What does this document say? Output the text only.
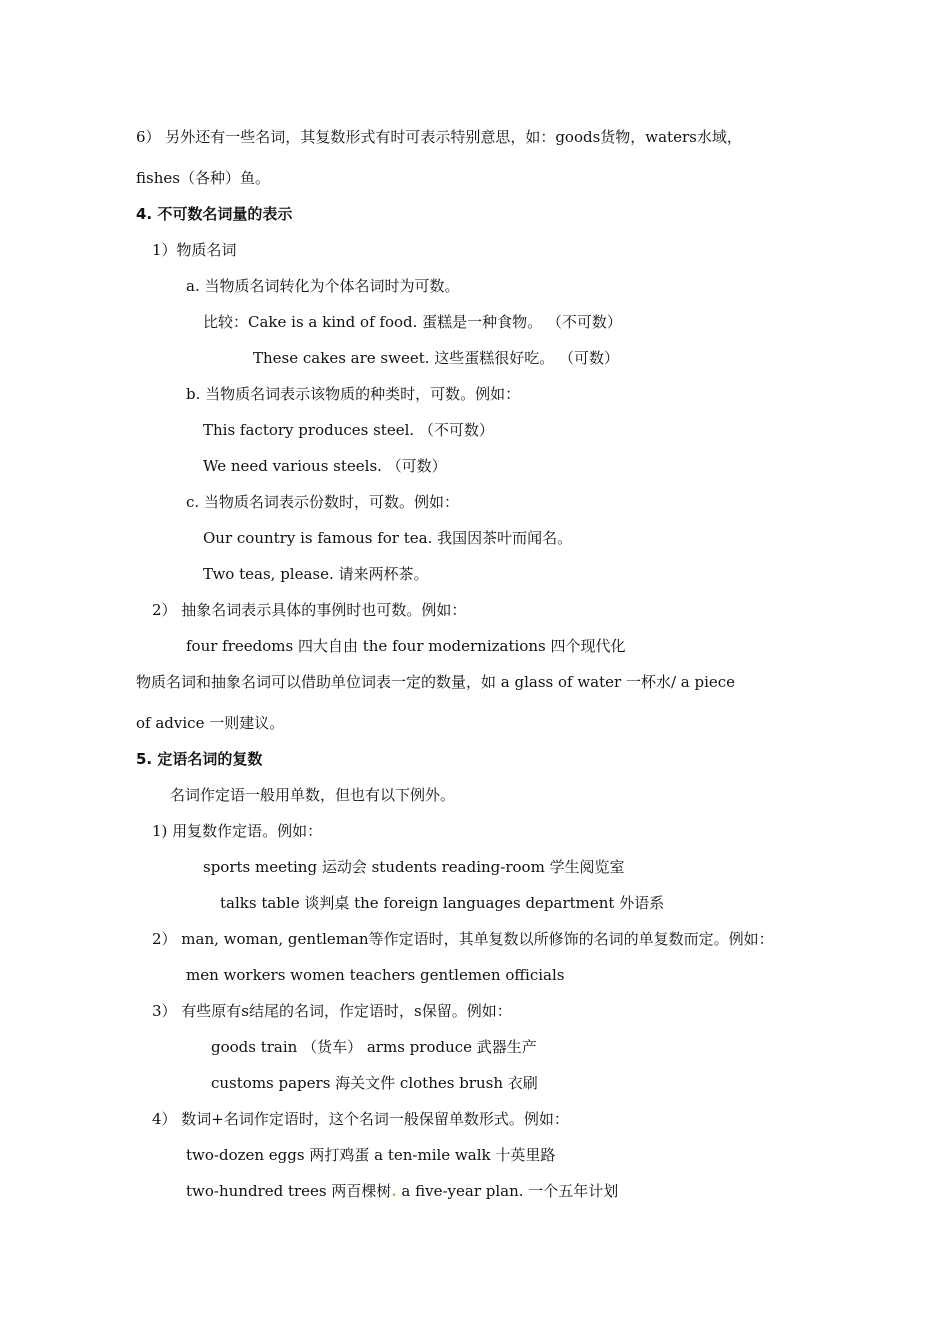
6） 另外还有一些名词，其复数形式有时可表示特别意思，如：goods货物，waters水域，
fishes（各种）鱼。
4. 不可数名词量的表示
1）物质名词
a. 当物质名词转化为个体名词时为可数。
比较：Cake is a kind of food. 蛋糕是一种食物。 （不可数）
These cakes are sweet. 这些蛋糕很好吃。 （可数）
b. 当物质名词表示该物质的种类时，可数。例如：
This factory produces steel. （不可数）
We need various steels. （可数）
c. 当物质名词表示份数时，可数。例如：
Our country is famous for tea. 我国因茶叶而闻名。
Two teas, please. 请来两杯茶。
2） 抽象名词表示具体的事例时也可数。例如：
four freedoms 四大自由 the four modernizations 四个现代化
物质名词和抽象名词可以借助单位词表一定的数量，如 a glass of water 一杯水/ a piece
of advice 一则建议。
5. 定语名词的复数
名词作定语一般用单数，但也有以下例外。
1) 用复数作定语。例如：
sports meeting 运动会 students reading-room 学生阅览室
talks table 谈判桌 the foreign languages department 外语系
2） man, woman, gentleman等作定语时，其单复数以所修饰的名词的单复数而定。例如：
men workers women teachers gentlemen officials
3） 有些原有s结尾的名词，作定语时，s保留。例如：
goods train （货车） arms produce 武器生产
customs papers 海关文件 clothes brush 衣刷
4） 数词+名词作定语时，这个名词一般保留单数形式。例如：
two-dozen eggs 两打鸡蛋 a ten-mile walk 十英里路
two-hundred trees 两百棵树. a five-year plan. 一个五年计划
